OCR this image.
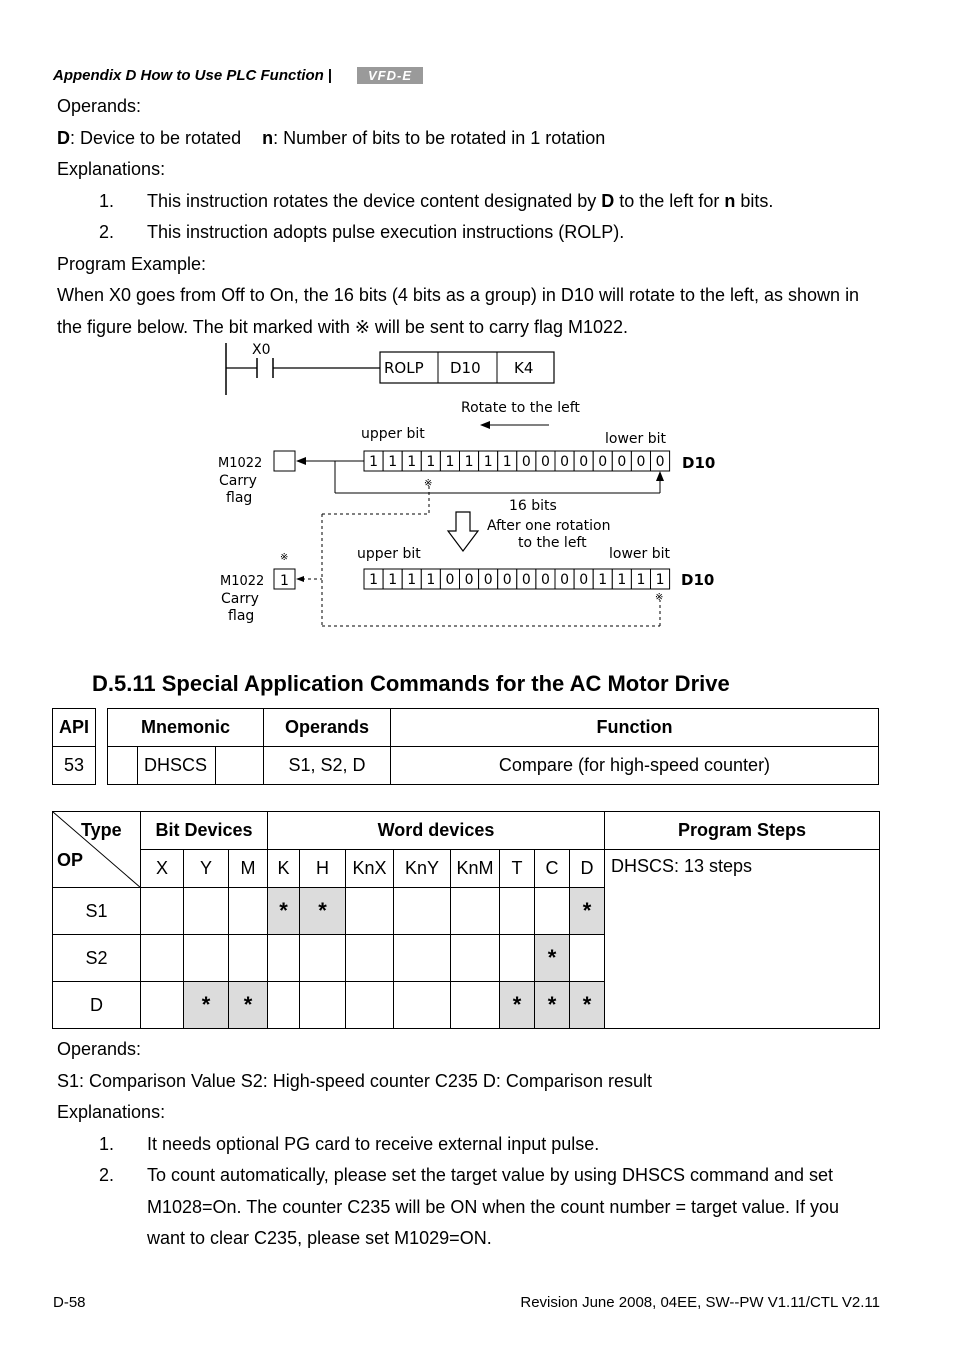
Appendix D How to Use PLC Function |	VFD-E
Operands:
D: Device to be rotated n: Number of bits to be rotated in 1 rotation
Explanations:
1. This instruction rotates the device content designated by D to the left for n bits.
2. This instruction adopts pulse execution instructions (ROLP).
Program Example:
When X0 goes from Off to On, the 16 bits (4 bits as a group) in D10 will rotate to the left, as shown in
the figure below. The bit marked with ※ will be sent to carry flag M1022.
X0
ROLP D10 K4
Rotate to the left
upper bit	lower bit
M1022
Carry
flag
1 1 1 1 1 1 1 1 0 0 0 0 0 0 0 0 D10
※
※
16 bits
After one rotation
to the left
upper bit	lower bit
※
M1022
Carry
flag
1	1 1 1 1 0 0 0 0 0 0 0 0 1 1 1 1 D10
D.5.11 Special Application Commands for the AC Motor Drive
API		Mnemonic			Operands	Function
53			DHSCS		S1, S2, D	Compare (for high-speed counter)
Type
OP	Bit Devices			Word devices								Program Steps
	X	Y	M	K	H	KnX	KnY	KnM	T	C	D	DHSCS: 13 steps
S1				*	*						*	
S2										*		
D		*	*						*	*	*	
Operands:
S1: Comparison Value S2: High-speed counter C235 D: Comparison result
Explanations:
1. It needs optional PG card to receive external input pulse.
2. To count automatically, please set the target value by using DHSCS command and set
M1028=On. The counter C235 will be ON when the count number = target value. If you
want to clear C235, please set M1029=ON.
D-58	Revision June 2008, 04EE, SW--PW V1.11/CTL V2.11
